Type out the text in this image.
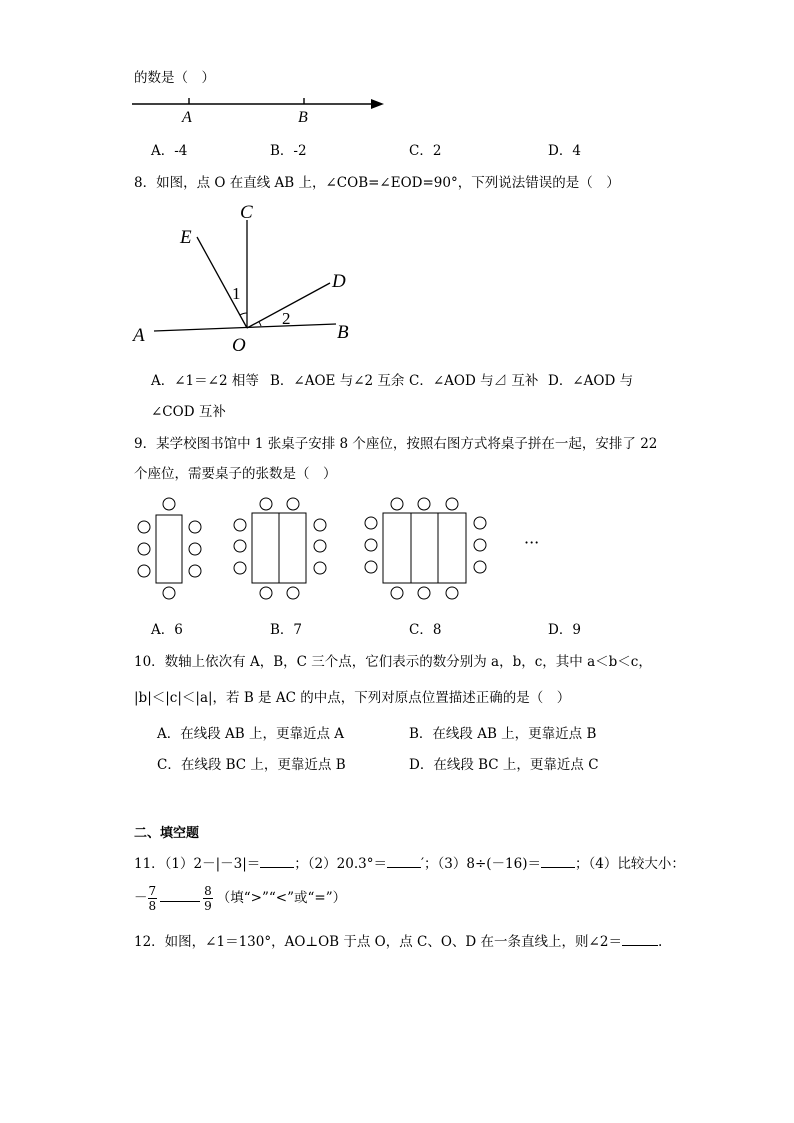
的数是（　）
A	B
A．-4	B．-2	C．2	D．4
8．如图，点 O 在直线 AB 上，∠COB=∠EOD=90°，下列说法错误的是（　）
C
E
D
1
2
A	O
B
A．∠1＝∠2 相等 B．∠AOE 与∠2 互余 C．∠AOD 与⊿ 互补 D．∠AOD 与
∠COD 互补
9．某学校图书馆中 1 张桌子安排 8 个座位，按照右图方式将桌子拼在一起，安排了 22
个座位，需要桌子的张数是（　）
···
A．6	B．7	C．8	D．9
10．数轴上依次有 A，B，C 三个点，它们表示的数分别为 a，b，c，其中 a＜b＜c，
|b|＜|c|＜|a|，若 B 是 AC 的中点，下列对原点位置描述正确的是（　）
A．在线段 AB 上，更靠近点 A	B．在线段 AB 上，更靠近点 B
C．在线段 BC 上，更靠近点 B	D．在线段 BC 上，更靠近点 C
二、填空题
11．（1）2－|－3|＝	；（2）20.3°＝	′；（3）8÷(－16)＝	；（4）比较大小：
－ $\frac{7}{8}$	$\frac{8}{9}$ （填“>”“<”或“=”）
12．如图，∠1＝130°，AO⊥OB 于点 O，点 C、O、D 在一条直线上，则∠2＝	.
